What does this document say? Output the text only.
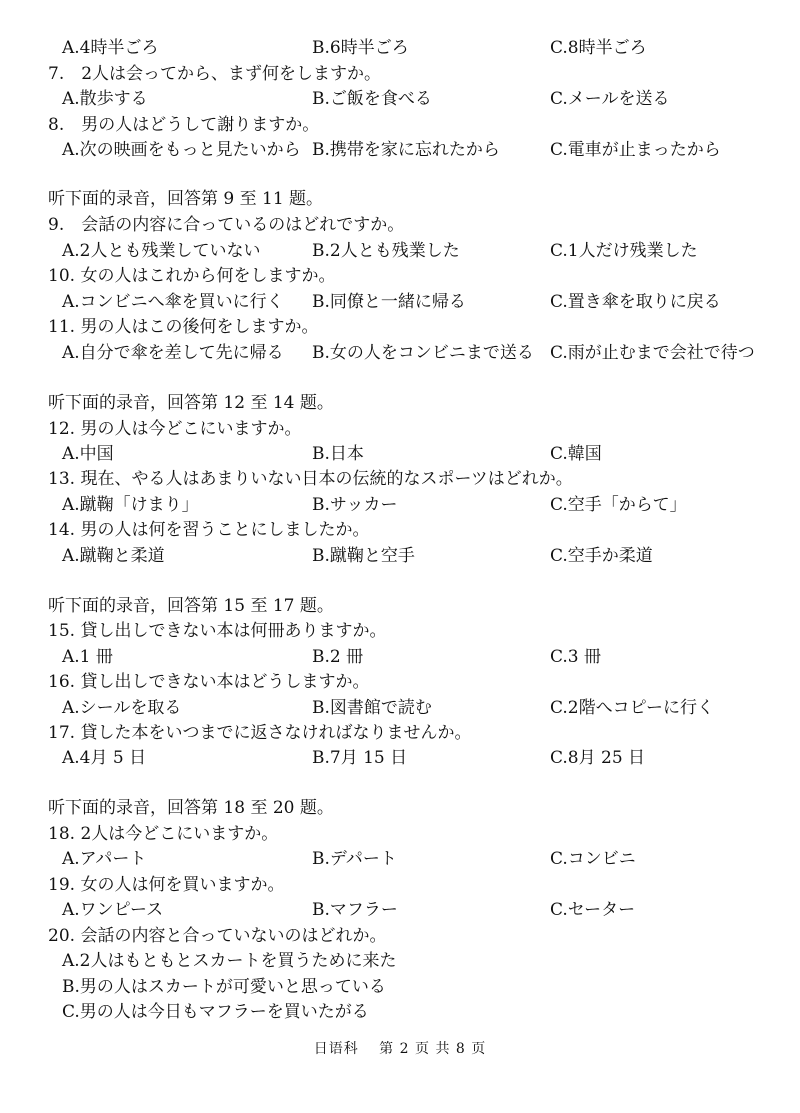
A.4時半ごろ	B.6時半ごろ	C.8時半ごろ
7.　2人は会ってから、まず何をしますか。
A.散歩する	B.ご飯を食べる	C.メールを送る
8.　男の人はどうして謝りますか。
A.次の映画をもっと見たいから B.携帯を家に忘れたから	C.電車が止まったから
听下面的录音，回答第 9 至 11 题。
9.　会話の内容に合っているのはどれですか。
A.2人とも残業していない	B.2人とも残業した	C.1人だけ残業した
10. 女の人はこれから何をしますか。
A.コンビニへ傘を買いに行く B.同僚と一緒に帰る	C.置き傘を取りに戻る
11. 男の人はこの後何をしますか。
A.自分で傘を差して先に帰る B.女の人をコンビニまで送る C.雨が止むまで会社で待つ
听下面的录音，回答第 12 至 14 题。
12. 男の人は今どこにいますか。
A.中国	B.日本	C.韓国
13. 現在、やる人はあまりいない日本の伝統的なスポーツはどれか。
A.蹴鞠「けまり」	B.サッカー	C.空手「からて」
14. 男の人は何を習うことにしましたか。
A.蹴鞠と柔道	B.蹴鞠と空手	C.空手か柔道
听下面的录音，回答第 15 至 17 题。
15. 貸し出しできない本は何冊ありますか。
A.1 冊	B.2 冊	C.3 冊
16. 貸し出しできない本はどうしますか。
A.シールを取る	B.図書館で読む	C.2階へコピーに行く
17. 貸した本をいつまでに返さなければなりませんか。
A.4月 5 日	B.7月 15 日	C.8月 25 日
听下面的录音，回答第 18 至 20 题。
18. 2人は今どこにいますか。
A.アパート	B.デパート	C.コンビニ
19. 女の人は何を買いますか。
A.ワンピース	B.マフラー	C.セーター
20. 会話の内容と合っていないのはどれか。
A.2人はもともとスカートを買うために来た
B.男の人はスカートが可愛いと思っている
C.男の人は今日もマフラーを買いたがる
日语科　 第 2 页 共 8 页
